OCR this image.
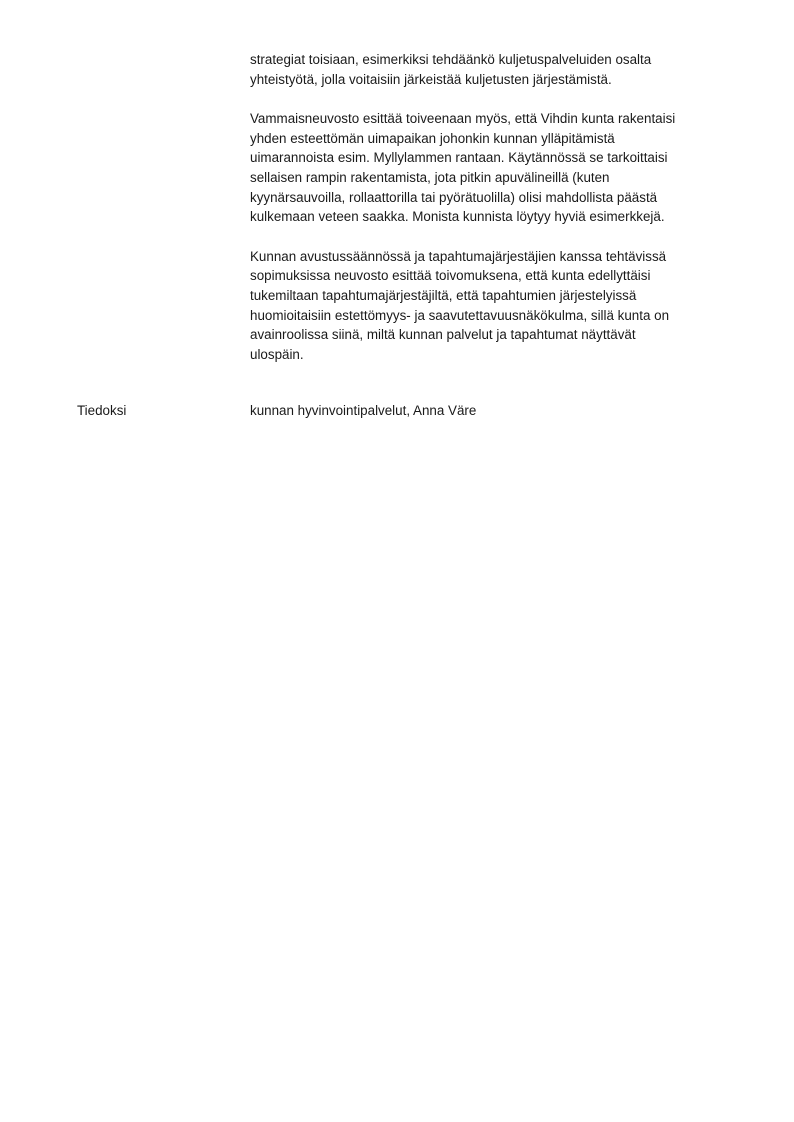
strategiat toisiaan, esimerkiksi tehdäänkö kuljetuspalveluiden osalta
yhteistyötä, jolla voitaisiin järkeistää kuljetusten järjestämistä.

Vammaisneuvosto esittää toiveenaan myös, että Vihdin kunta rakentaisi
yhden esteettömän uimapaikan johonkin kunnan ylläpitämistä
uimarannoista esim. Myllylammen rantaan. Käytännössä se tarkoittaisi
sellaisen rampin rakentamista, jota pitkin apuvälineillä (kuten
kyynärsauvoilla, rollaattorilla tai pyörätuolilla) olisi mahdollista päästä
kulkemaan veteen saakka. Monista kunnista löytyy hyviä esimerkkejä.

Kunnan avustussäännössä ja tapahtumajärjestäjien kanssa tehtävissä
sopimuksissa neuvosto esittää toivomuksena, että kunta edellyttäisi
tukemiltaan tapahtumajärjestäjiltä, että tapahtumien järjestelyissä
huomioitaisiin estettömyys- ja saavutettavuusnäkökulma, sillä kunta on
avainroolissa siinä, miltä kunnan palvelut ja tapahtumat näyttävät
ulospäin.

Tiedoksi	kunnan hyvinvointipalvelut, Anna Väre
